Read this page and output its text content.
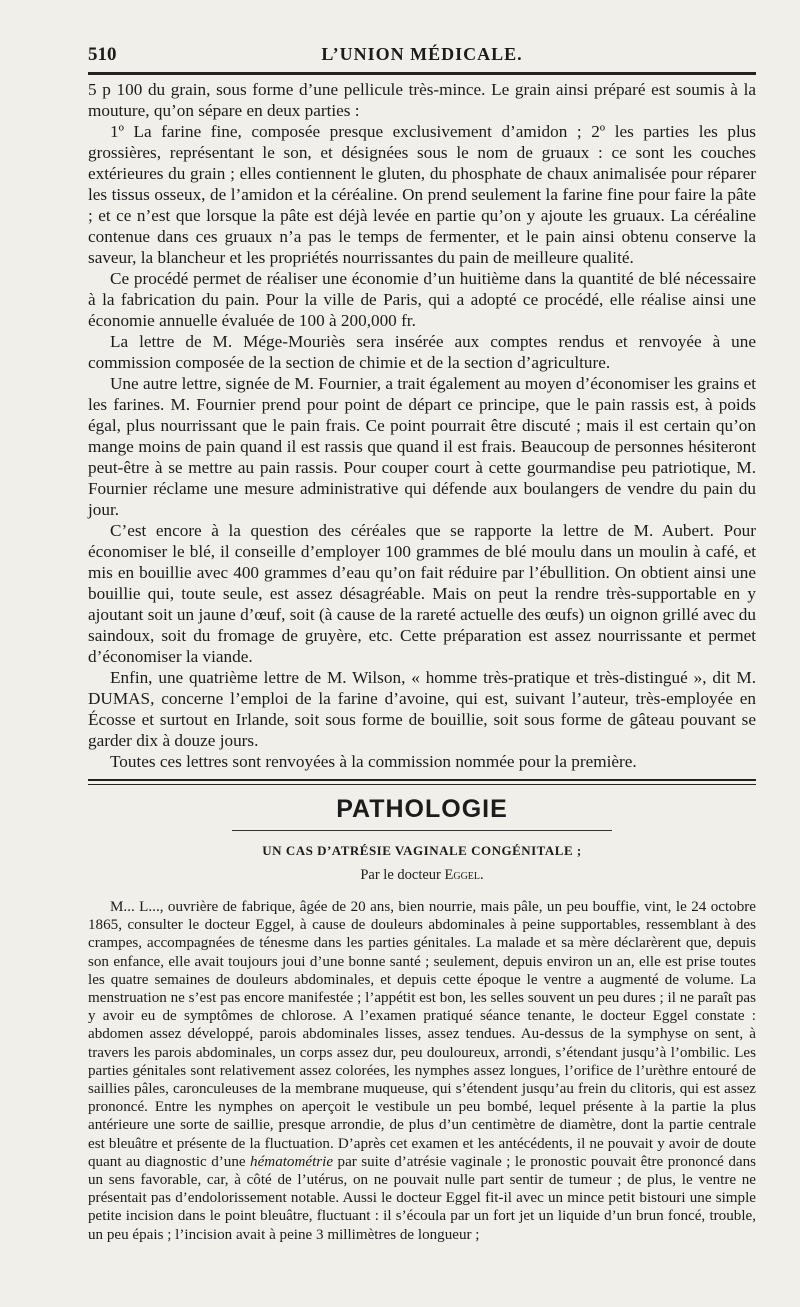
510	L’UNION MÉDICALE.

5 p 100 du grain, sous forme d’une pellicule très-mince. Le grain ainsi préparé est soumis à la mouture, qu’on sépare en deux parties :

1º La farine fine, composée presque exclusivement d’amidon ; 2º les parties les plus grossières, représentant le son, et désignées sous le nom de gruaux : ce sont les couches extérieures du grain ; elles contiennent le gluten, du phosphate de chaux animalisée pour réparer les tissus osseux, de l’amidon et la céréaline. On prend seulement la farine fine pour faire la pâte ; et ce n’est que lorsque la pâte est déjà levée en partie qu’on y ajoute les gruaux. La céréaline contenue dans ces gruaux n’a pas le temps de fermenter, et le pain ainsi obtenu conserve la saveur, la blancheur et les propriétés nourrissantes du pain de meilleure qualité.

Ce procédé permet de réaliser une économie d’un huitième dans la quantité de blé nécessaire à la fabrication du pain. Pour la ville de Paris, qui a adopté ce procédé, elle réalise ainsi une économie annuelle évaluée de 100 à 200,000 fr.

La lettre de M. Mége-Mouriès sera insérée aux comptes rendus et renvoyée à une commission composée de la section de chimie et de la section d’agriculture.

Une autre lettre, signée de M. Fournier, a trait également au moyen d’économiser les grains et les farines. M. Fournier prend pour point de départ ce principe, que le pain rassis est, à poids égal, plus nourrissant que le pain frais. Ce point pourrait être discuté ; mais il est certain qu’on mange moins de pain quand il est rassis que quand il est frais. Beaucoup de personnes hésiteront peut-être à se mettre au pain rassis. Pour couper court à cette gourmandise peu patriotique, M. Fournier réclame une mesure administrative qui défende aux boulangers de vendre du pain du jour.

C’est encore à la question des céréales que se rapporte la lettre de M. Aubert. Pour économiser le blé, il conseille d’employer 100 grammes de blé moulu dans un moulin à café, et mis en bouillie avec 400 grammes d’eau qu’on fait réduire par l’ébullition. On obtient ainsi une bouillie qui, toute seule, est assez désagréable. Mais on peut la rendre très-supportable en y ajoutant soit un jaune d’œuf, soit (à cause de la rareté actuelle des œufs) un oignon grillé avec du saindoux, soit du fromage de gruyère, etc. Cette préparation est assez nourrissante et permet d’économiser la viande.

Enfin, une quatrième lettre de M. Wilson, « homme très-pratique et très-distingué », dit M. DUMAS, concerne l’emploi de la farine d’avoine, qui est, suivant l’auteur, très-employée en Écosse et surtout en Irlande, soit sous forme de bouillie, soit sous forme de gâteau pouvant se garder dix à douze jours.

Toutes ces lettres sont renvoyées à la commission nommée pour la première.

PATHOLOGIE
UN CAS D’ATRÉSIE VAGINALE CONGÉNITALE ;
Par le docteur Eggel.

M... L..., ouvrière de fabrique, âgée de 20 ans, bien nourrie, mais pâle, un peu bouffie, vint, le 24 octobre 1865, consulter le docteur Eggel, à cause de douleurs abdominales à peine supportables, ressemblant à des crampes, accompagnées de ténesme dans les parties génitales. La malade et sa mère déclarèrent que, depuis son enfance, elle avait toujours joui d’une bonne santé ; seulement, depuis environ un an, elle est prise toutes les quatre semaines de douleurs abdominales, et depuis cette époque le ventre a augmenté de volume. La menstruation ne s’est pas encore manifestée ; l’appétit est bon, les selles souvent un peu dures ; il ne paraît pas y avoir eu de symptômes de chlorose. A l’examen pratiqué séance tenante, le docteur Eggel constate : abdomen assez développé, parois abdominales lisses, assez tendues. Au-dessus de la symphyse on sent, à travers les parois abdominales, un corps assez dur, peu douloureux, arrondi, s’étendant jusqu’à l’ombilic. Les parties génitales sont relativement assez colorées, les nymphes assez longues, l’orifice de l’urèthre entouré de saillies pâles, caronculeuses de la membrane muqueuse, qui s’étendent jusqu’au frein du clitoris, qui est assez prononcé. Entre les nymphes on aperçoit le vestibule un peu bombé, lequel présente à la partie la plus antérieure une sorte de saillie, presque arrondie, de plus d’un centimètre de diamètre, dont la partie centrale est bleuâtre et présente de la fluctuation. D’après cet examen et les antécédents, il ne pouvait y avoir de doute quant au diagnostic d’une hématométrie par suite d’atrésie vaginale ; le pronostic pouvait être prononcé dans un sens favorable, car, à côté de l’utérus, on ne pouvait nulle part sentir de tumeur ; de plus, le ventre ne présentait pas d’endolorissement notable. Aussi le docteur Eggel fit-il avec un mince petit bistouri une simple petite incision dans le point bleuâtre, fluctuant : il s’écoula par un fort jet un liquide d’un brun foncé, trouble, un peu épais ; l’incision avait à peine 3 millimètres de longueur ;
